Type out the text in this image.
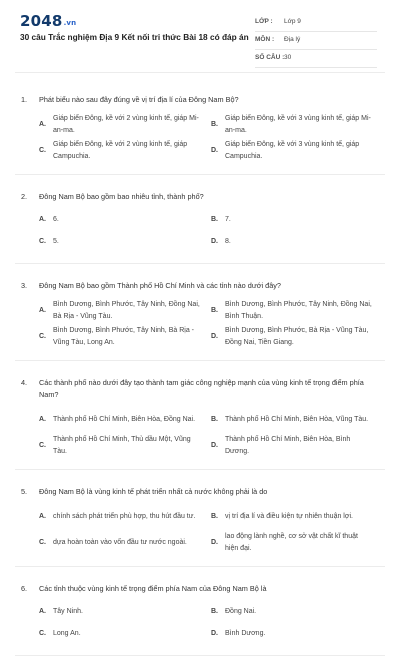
2048.vn
30 câu Trắc nghiệm Địa 9 Kết nối tri thức Bài 18 có đáp án
LỚP : Lớp 9
MÔN : Địa lý
SỐ CÂU : 30
1. Phát biểu nào sau đây đúng về vị trí địa lí của Đông Nam Bộ?
A.
Giáp biển Đông, kề với 2 vùng kinh tế, giáp Mi-an-ma.
B.
Giáp biển Đông, kề với 3 vùng kinh tế, giáp Mi-an-ma.
C.
Giáp biển Đông, kề với 2 vùng kinh tế, giáp Campuchia.
D.
Giáp biển Đông, kề với 3 vùng kinh tế, giáp Campuchia.
2. Đông Nam Bộ bao gồm bao nhiêu tỉnh, thành phố?
A. 6.	B. 7.
C. 5.	D. 8.
3. Đông Nam Bộ bao gồm Thành phố Hồ Chí Minh và các tỉnh nào dưới đây?
A.
Bình Dương, Bình Phước, Tây Ninh, Đồng Nai, Bà Rịa - Vũng Tàu.
B.
Bình Dương, Bình Phước, Tây Ninh, Đồng Nai, Bình Thuận.
C.
Bình Dương, Bình Phước, Tây Ninh, Bà Rịa - Vũng Tàu, Long An.
D.
Bình Dương, Bình Phước, Bà Rịa - Vũng Tàu, Đồng Nai, Tiền Giang.
4. Các thành phố nào dưới đây tạo thành tam giác công nghiệp mạnh của vùng kinh tế trọng điểm phía Nam?
A. Thành phố Hồ Chí Minh, Biên Hòa, Đồng Nai. B. Thành phố Hồ Chí Minh, Biên Hòa, Vũng Tàu.
C.
Thành phố Hồ Chí Minh, Thủ dầu Một, Vũng Tàu.
D.
Thành phố Hồ Chí Minh, Biên Hòa, Bình Dương.
5. Đông Nam Bộ là vùng kinh tế phát triển nhất cả nước không phải là do
A. chính sách phát triển phù hợp, thu hút đầu tư. B. vị trí địa lí và điều kiện tự nhiên thuận lợi.
C. dựa hoàn toàn vào vốn đầu tư nước ngoài.	D.
lao động lành nghề, cơ sở vật chất kĩ thuật hiện đại.
6. Các tỉnh thuộc vùng kinh tế trọng điểm phía Nam của Đông Nam Bộ là
A. Tây Ninh.	B. Đồng Nai.
C. Long An.	D. Bình Dương.
